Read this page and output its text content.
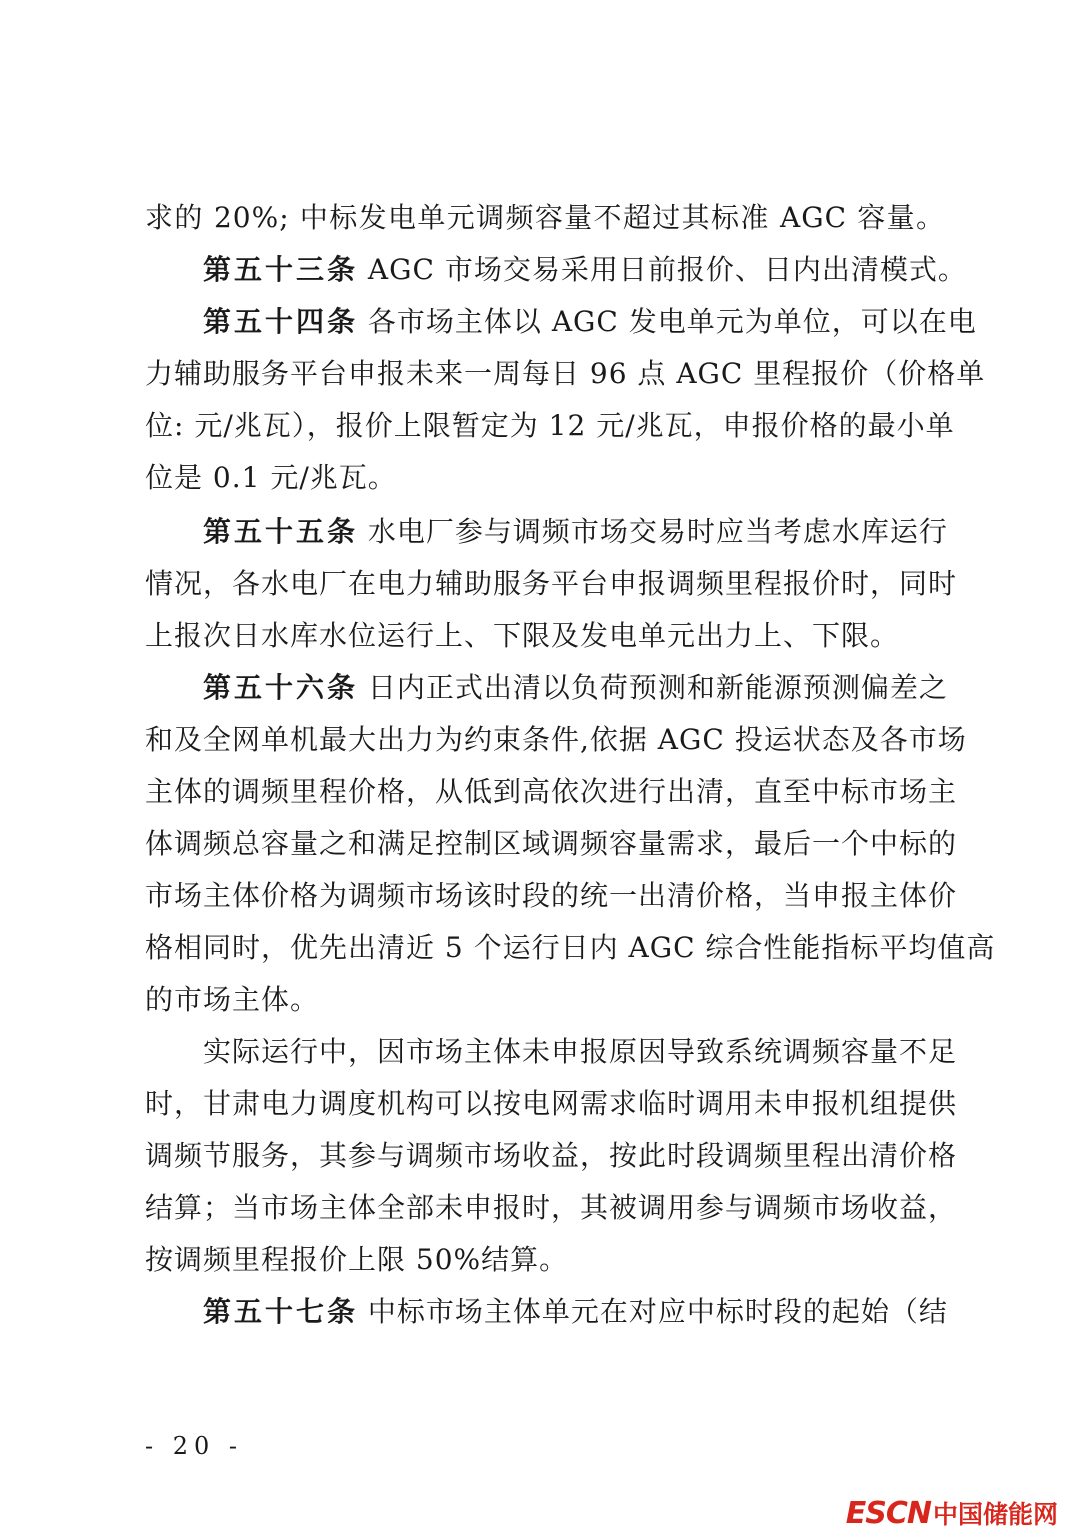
求的 20%; 中标发电单元调频容量不超过其标准 AGC 容量。
第五十三条 AGC 市场交易采用日前报价、日内出清模式。
第五十四条 各市场主体以 AGC 发电单元为单位，可以在电
力辅助服务平台申报未来一周每日 96 点 AGC 里程报价（价格单
位: 元/兆瓦），报价上限暂定为 12 元/兆瓦，申报价格的最小单
位是 0.1 元/兆瓦。
第五十五条 水电厂参与调频市场交易时应当考虑水库运行
情况，各水电厂在电力辅助服务平台申报调频里程报价时，同时
上报次日水库水位运行上、下限及发电单元出力上、下限。
第五十六条 日内正式出清以负荷预测和新能源预测偏差之
和及全网单机最大出力为约束条件,依据 AGC 投运状态及各市场
主体的调频里程价格，从低到高依次进行出清，直至中标市场主
体调频总容量之和满足控制区域调频容量需求，最后一个中标的
市场主体价格为调频市场该时段的统一出清价格，当申报主体价
格相同时，优先出清近 5 个运行日内 AGC 综合性能指标平均值高
的市场主体。
实际运行中，因市场主体未申报原因导致系统调频容量不足
时，甘肃电力调度机构可以按电网需求临时调用未申报机组提供
调频节服务，其参与调频市场收益，按此时段调频里程出清价格
结算；当市场主体全部未申报时，其被调用参与调频市场收益，
按调频里程报价上限 50%结算。
第五十七条 中标市场主体单元在对应中标时段的起始（结
- 20 -
ESCN 中国储能网
